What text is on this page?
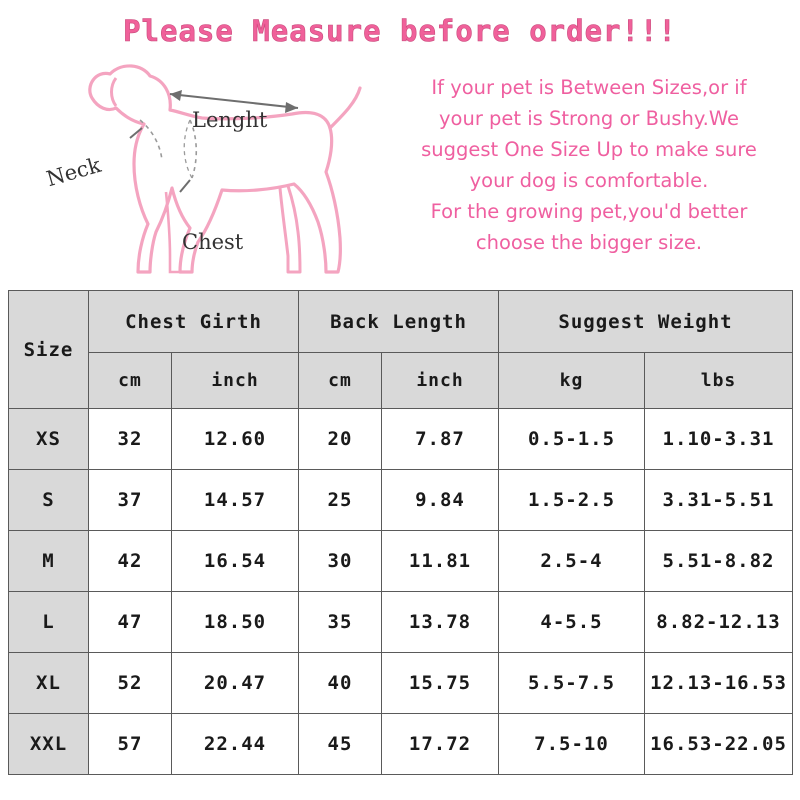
Please Measure before order!!!
Neck
Lenght
Chest
If your pet is Between Sizes,or if
your pet is Strong or Bushy.We
suggest One Size Up to make sure
your dog is comfortable.
For the growing pet,you'd better
choose the bigger size.
Size	Chest Girth		Back Length		Suggest Weight	
	cm	inch	cm	inch	kg	lbs
XS	32	12.60	20	7.87	0.5-1.5	1.10-3.31
S	37	14.57	25	9.84	1.5-2.5	3.31-5.51
M	42	16.54	30	11.81	2.5-4	5.51-8.82
L	47	18.50	35	13.78	4-5.5	8.82-12.13
XL	52	20.47	40	15.75	5.5-7.5	12.13-16.53
XXL	57	22.44	45	17.72	7.5-10	16.53-22.05
